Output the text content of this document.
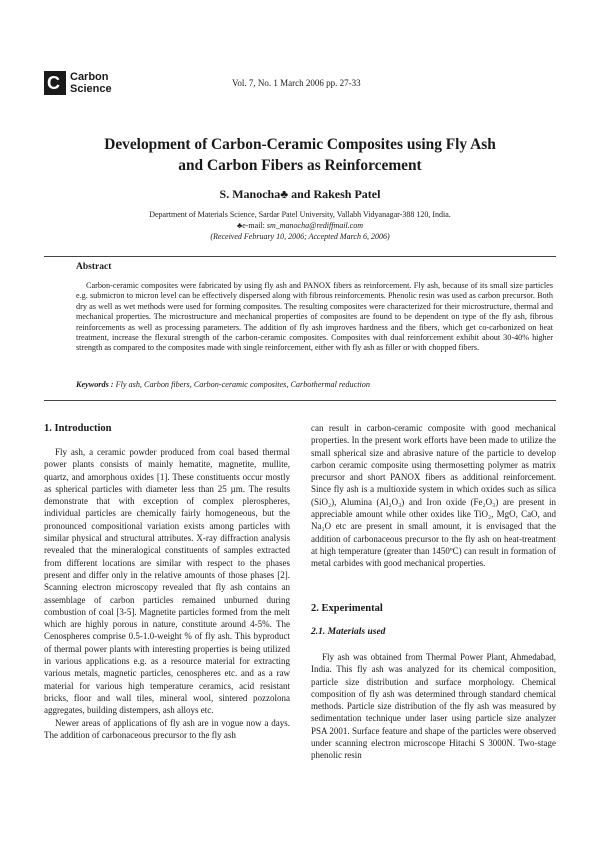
C Carbon
Science	Vol. 7, No. 1 March 2006 pp. 27-33
Development of Carbon-Ceramic Composites using Fly Ash
and Carbon Fibers as Reinforcement
S. Manocha♣ and Rakesh Patel
Department of Materials Science, Sardar Patel University, Vallabh Vidyanagar-388 120, India.
♣e-mail: sm_manocha@rediffmail.com
(Received February 10, 2006; Accepted March 6, 2006)
Abstract
Carbon-ceramic composites were fabricated by using fly ash and PANOX fibers as reinforcement. Fly ash, because of its small size particles e.g. submicron to micron level can be effectively dispersed along with fibrous reinforcements. Phenolic resin was used as carbon precursor. Both dry as well as wet methods were used for forming composites. The resulting composites were characterized for their microstructure, thermal and mechanical properties. The microstructure and mechanical properties of composites are found to be dependent on type of the fly ash, fibrous reinforcements as well as processing parameters. The addition of fly ash improves hardness and the fibers, which get co-carbonized on heat treatment, increase the flexural strength of the carbon-ceramic composites. Composites with dual reinforcement exhibit about 30-40% higher strength as compared to the composites made with single reinforcement, either with fly ash as filler or with chopped fibers.
Keywords : Fly ash, Carbon fibers, Carbon-ceramic composites, Carbothermal reduction
1. Introduction

Fly ash, a ceramic powder produced from coal based thermal power plants consists of mainly hematite, magnetite, mullite, quartz, and amorphous oxides [1]. These constituents occur mostly as spherical particles with diameter less than 25 µm. The results demonstrate that with exception of complex plerospheres, individual particles are chemically fairly homogeneous, but the pronounced compositional variation exists among particles with similar physical and structural attributes. X-ray diffraction analysis revealed that the mineralogical constituents of samples extracted from different locations are similar with respect to the phases present and differ only in the relative amounts of those phases [2]. Scanning electron microscopy revealed that fly ash contains an assemblage of carbon particles remained unburned during combustion of coal [3-5]. Magnetite particles formed from the melt which are highly porous in nature, constitute around 4-5%. The Cenospheres comprise 0.5-1.0-weight % of fly ash. This byproduct of thermal power plants with interesting properties is being utilized in various applications e.g. as a resource material for extracting various metals, magnetic particles, cenospheres etc. and as a raw material for various high temperature ceramics, acid resistant bricks, floor and wall tiles, mineral wool, sintered pozzolona aggregates, building distempers, ash alloys etc.

Newer areas of applications of fly ash are in vogue now a days. The addition of carbonaceous precursor to the fly ash

can result in carbon-ceramic composite with good mechanical properties. In the present work efforts have been made to utilize the small spherical size and abrasive nature of the particle to develop carbon ceramic composite using thermosetting polymer as matrix precursor and short PANOX fibers as additional reinforcement. Since fly ash is a multioxide system in which oxides such as silica (SiO₂), Alumina (Al₂O₃) and Iron oxide (Fe₂O₃) are present in appreciable amount while other oxides like TiO₂, MgO, CaO, and Na₂O etc are present in small amount, it is envisaged that the addition of carbonaceous precursor to the fly ash on heat-treatment at high temperature (greater than 1450ºC) can result in formation of metal carbides with good mechanical properties.

2. Experimental
2.1. Materials used

Fly ash was obtained from Thermal Power Plant, Ahmedabad, India. This fly ash was analyzed for its chemical composition, particle size distribution and surface morphology. Chemical composition of fly ash was determined through standard chemical methods. Particle size distribution of the fly ash was measured by sedimentation technique under laser using particle size analyzer PSA 2001. Surface feature and shape of the particles were observed under scanning electron microscope Hitachi S 3000N. Two-stage phenolic resin
